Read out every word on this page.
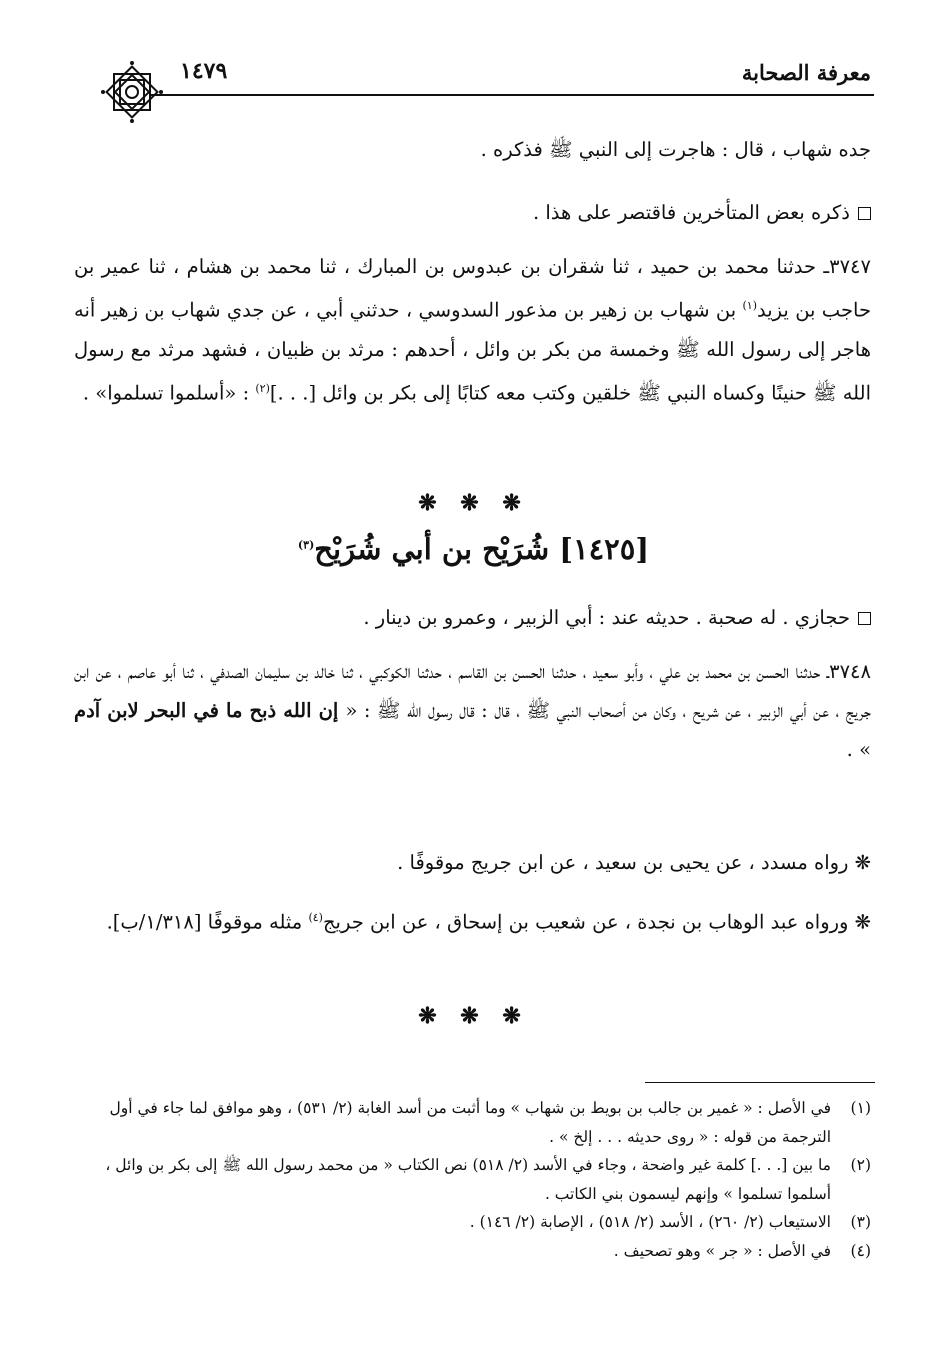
معرفة الصحابة
١٤٧٩

جده شهاب ، قال : هاجرت إلى النبي ﷺ فذكره .

ذكره بعض المتأخرين فاقتصر على هذا .

٣٧٤٧ـ حدثنا محمد بن حميد ، ثنا شقران بن عبدوس بن المبارك ، ثنا محمد بن هشام ، ثنا عمير بن حاجب بن يزيد$^{(١)}$ بن شهاب بن زهير بن مذعور السدوسي ، حدثني أبي ، عن جدي شهاب بن زهير أنه هاجر إلى رسول الله ﷺ وخمسة من بكر بن وائل ، أحدهم : مرثد بن ظبيان ، فشهد مرثد مع رسول الله ﷺ حنينًا وكساه النبي ﷺ خلقين وكتب معه كتابًا إلى بكر بن وائل [. . .]$^{(٢)}$ : «أسلموا تسلموا» .

❋ ❋ ❋
[١٤٢٥] شُرَيْح بن أبي شُرَيْح$^{(٣)}$

حجازي . له صحبة . حديثه عند : أبي الزبير ، وعمرو بن دينار .

٣٧٤٨ـ حدثنا الحسن بن محمد بن علي ، وأبو سعيد ، حدثنا الحسن بن القاسم ، حدثنا الكوكبي ، ثنا خالد بن سليمان الصدفي ، ثنا أبو عاصم ، عن ابن جريج ، عن أبي الزبير ، عن شريح ، وكان من أصحاب النبي ﷺ ، قال : قال رسول الله ﷺ : « إن الله ذبح ما في البحر لابن آدم » .

❋ رواه مسدد ، عن يحيى بن سعيد ، عن ابن جريج موقوفًا .

❋ ورواه عبد الوهاب بن نجدة ، عن شعيب بن إسحاق ، عن ابن جريج$^{(٤)}$ مثله موقوفًا [١/٣١٨/ب].

❋ ❋ ❋
(١)
في الأصل : « غمير بن جالب بن بويط بن شهاب » وما أثبت من أسد الغابة (٢/ ٥٣١) ، وهو موافق لما جاء في أول الترجمة من قوله : « روى حديثه . . . إلخ » .
(٢)
ما بين [. . .] كلمة غير واضحة ، وجاء في الأسد (٢/ ٥١٨) نص الكتاب « من محمد رسول الله ﷺ إلى بكر بن وائل ، أسلموا تسلموا » وإنهم ليسمون بني الكاتب .
(٣)
الاستيعاب (٢/ ٢٦٠) ، الأسد (٢/ ٥١٨) ، الإصابة (٢/ ١٤٦) .
(٤)
في الأصل : « جر » وهو تصحيف .
